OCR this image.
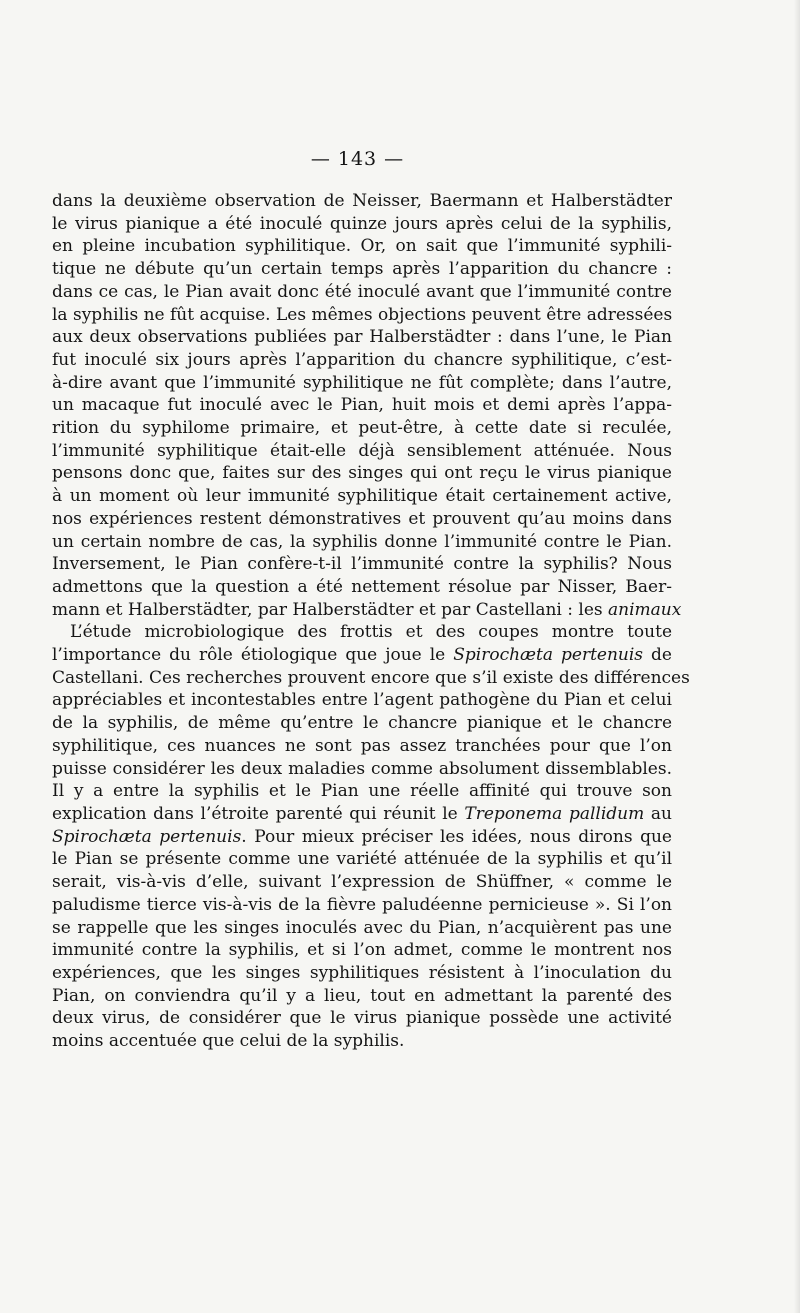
— 143 —
dans la deuxième observation de Neisser, Baermann et Halberstädter
le virus pianique a été inoculé quinze jours après celui de la syphilis,
en pleine incubation syphilitique. Or, on sait que l’immunité syphili-
tique ne débute qu’un certain temps après l’apparition du chancre :
dans ce cas, le Pian avait donc été inoculé avant que l’immunité contre
la syphilis ne fût acquise. Les mêmes objections peuvent être adressées
aux deux observations publiées par Halberstädter : dans l’une, le Pian
fut inoculé six jours après l’apparition du chancre syphilitique, c’est-
à-dire avant que l’immunité syphilitique ne fût complète; dans l’autre,
un macaque fut inoculé avec le Pian, huit mois et demi après l’appa-
rition du syphilome primaire, et peut-être, à cette date si reculée,
l’immunité syphilitique était-elle déjà sensiblement atténuée. Nous
pensons donc que, faites sur des singes qui ont reçu le virus pianique
à un moment où leur immunité syphilitique était certainement active,
nos expériences restent démonstratives et prouvent qu’au moins dans
un certain nombre de cas, la syphilis donne l’immunité contre le Pian.
Inversement, le Pian confère-t-il l’immunité contre la syphilis? Nous
admettons que la question a été nettement résolue par Nisser, Baer-
mann et Halberstädter, par Halberstädter et par Castellani : les animaux
L’étude microbiologique des frottis et des coupes montre toute
l’importance du rôle étiologique que joue le Spirochæta pertenuis de
Castellani. Ces recherches prouvent encore que s’il existe des différences
appréciables et incontestables entre l’agent pathogène du Pian et celui
de la syphilis, de même qu’entre le chancre pianique et le chancre
syphilitique, ces nuances ne sont pas assez tranchées pour que l’on
puisse considérer les deux maladies comme absolument dissemblables.
Il y a entre la syphilis et le Pian une réelle affinité qui trouve son
explication dans l’étroite parenté qui réunit le Treponema pallidum au
Spirochæta pertenuis. Pour mieux préciser les idées, nous dirons que
le Pian se présente comme une variété atténuée de la syphilis et qu’il
serait, vis-à-vis d’elle, suivant l’expression de Shüffner, « comme le
paludisme tierce vis-à-vis de la fièvre paludéenne pernicieuse ». Si l’on
se rappelle que les singes inoculés avec du Pian, n’acquièrent pas une
immunité contre la syphilis, et si l’on admet, comme le montrent nos
expériences, que les singes syphilitiques résistent à l’inoculation du
Pian, on conviendra qu’il y a lieu, tout en admettant la parenté des
deux virus, de considérer que le virus pianique possède une activité
moins accentuée que celui de la syphilis.
